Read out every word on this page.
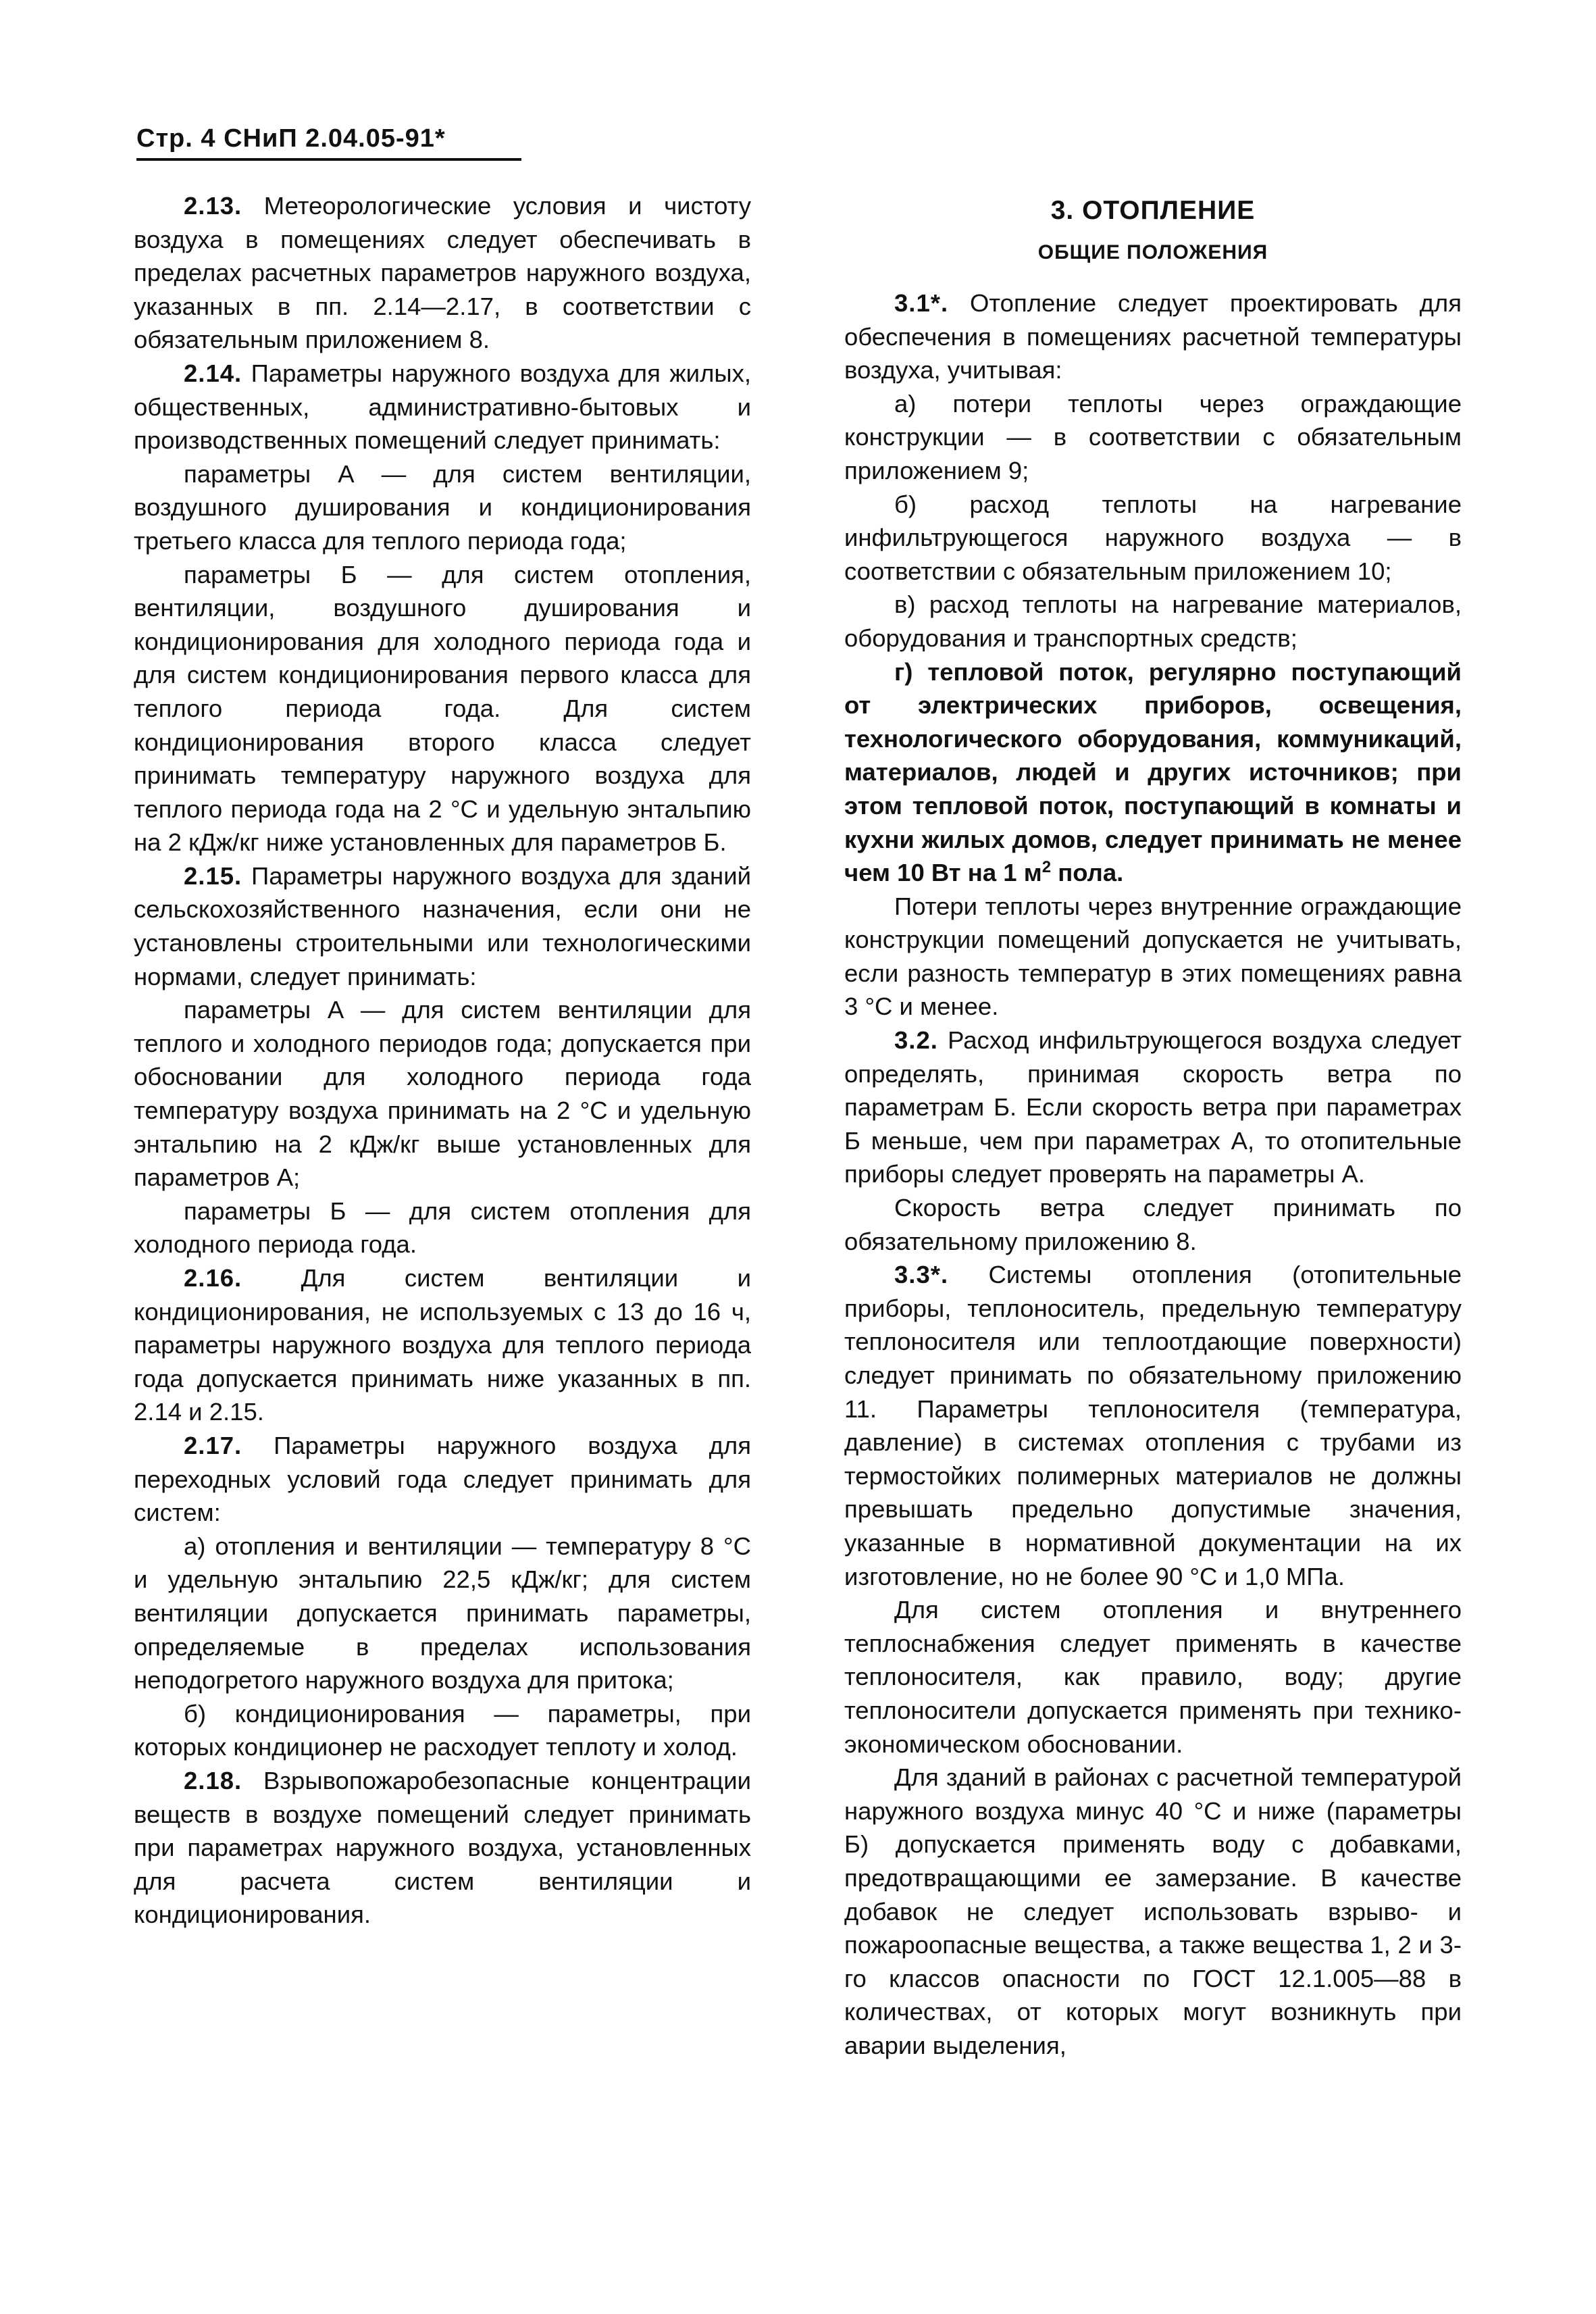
Стр. 4 СНиП 2.04.05-91*

2.13. Метеорологические условия и чистоту воздуха в помещениях следует обеспечивать в пределах расчетных параметров наружного воздуха, указанных в пп. 2.14—2.17, в соответствии с обязательным приложением 8.

2.14. Параметры наружного воздуха для жилых, общественных, административно-бытовых и производственных помещений следует принимать:

параметры А — для систем вентиляции, воздушного душирования и кондиционирования третьего класса для теплого периода года;

параметры Б — для систем отопления, вентиляции, воздушного душирования и кондиционирования для холодного периода года и для систем кондиционирования первого класса для теплого периода года. Для систем кондиционирования второго класса следует принимать температуру наружного воздуха для теплого периода года на 2 °С и удельную энтальпию на 2 кДж/кг ниже установленных для параметров Б.

2.15. Параметры наружного воздуха для зданий сельскохозяйственного назначения, если они не установлены строительными или технологическими нормами, следует принимать:

параметры А — для систем вентиляции для теплого и холодного периодов года; допускается при обосновании для холодного периода года температуру воздуха принимать на 2 °С и удельную энтальпию на 2 кДж/кг выше установленных для параметров А;

параметры Б — для систем отопления для холодного периода года.

2.16. Для систем вентиляции и кондиционирования, не используемых с 13 до 16 ч, параметры наружного воздуха для теплого периода года допускается принимать ниже указанных в пп. 2.14 и 2.15.

2.17. Параметры наружного воздуха для переходных условий года следует принимать для систем:

а) отопления и вентиляции — температуру 8 °С и удельную энтальпию 22,5 кДж/кг; для систем вентиляции допускается принимать параметры, определяемые в пределах использования неподогретого наружного воздуха для притока;

б) кондиционирования — параметры, при которых кондиционер не расходует теплоту и холод.

2.18. Взрывопожаробезопасные концентрации веществ в воздухе помещений следует принимать при параметрах наружного воздуха, установленных для расчета систем вентиляции и кондиционирования.

3. ОТОПЛЕНИЕ
ОБЩИЕ ПОЛОЖЕНИЯ

3.1*. Отопление следует проектировать для обеспечения в помещениях расчетной температуры воздуха, учитывая:

а) потери теплоты через ограждающие конструкции — в соответствии с обязательным приложением 9;

б) расход теплоты на нагревание инфильтрующегося наружного воздуха — в соответствии с обязательным приложением 10;

в) расход теплоты на нагревание материалов, оборудования и транспортных средств;

г) тепловой поток, регулярно поступающий от электрических приборов, освещения, технологического оборудования, коммуникаций, материалов, людей и других источников; при этом тепловой поток, поступающий в комнаты и кухни жилых домов, следует принимать не менее чем 10 Вт на 1 $м^2$ пола.

Потери теплоты через внутренние ограждающие конструкции помещений допускается не учитывать, если разность температур в этих помещениях равна 3 °С и менее.

3.2. Расход инфильтрующегося воздуха следует определять, принимая скорость ветра по параметрам Б. Если скорость ветра при параметрах Б меньше, чем при параметрах А, то отопительные приборы следует проверять на параметры А.

Скорость ветра следует принимать по обязательному приложению 8.

3.3*. Системы отопления (отопительные приборы, теплоноситель, предельную температуру теплоносителя или теплоотдающие поверхности) следует принимать по обязательному приложению 11. Параметры теплоносителя (температура, давление) в системах отопления с трубами из термостойких полимерных материалов не должны превышать предельно допустимые значения, указанные в нормативной документации на их изготовление, но не более 90 °С и 1,0 МПа.

Для систем отопления и внутреннего теплоснабжения следует применять в качестве теплоносителя, как правило, воду; другие теплоносители допускается применять при технико-экономическом обосновании.

Для зданий в районах с расчетной температурой наружного воздуха минус 40 °С и ниже (параметры Б) допускается применять воду с добавками, предотвращающими ее замерзание. В качестве добавок не следует использовать взрыво- и пожароопасные вещества, а также вещества 1, 2 и 3-го классов опасности по ГОСТ 12.1.005—88 в количествах, от которых могут возникнуть при аварии выделения,
